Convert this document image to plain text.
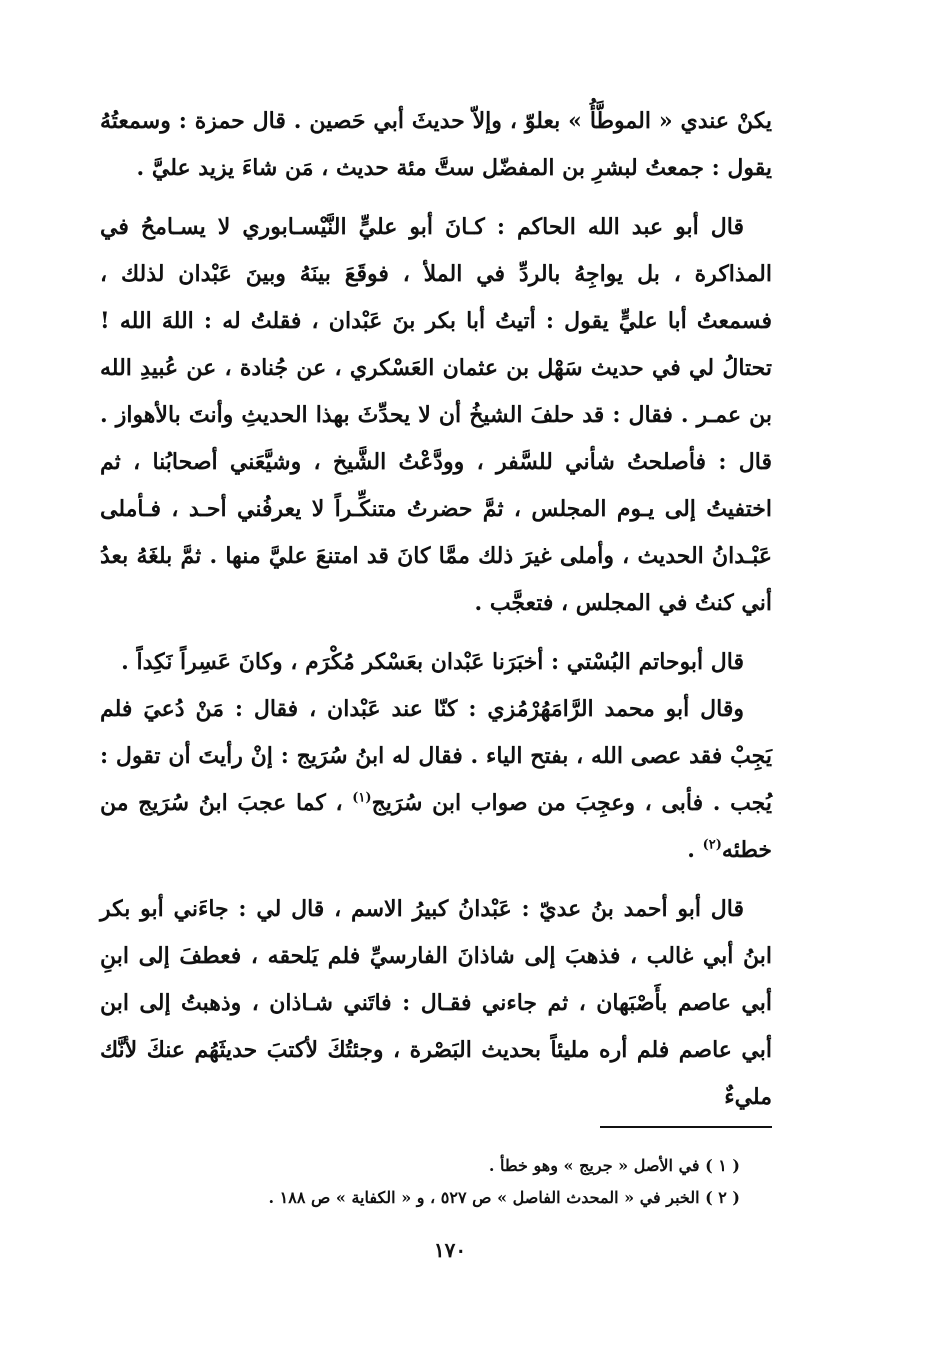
يكنْ عندي « الموطَّأُ » بعلوّ ، وإلاّ حديثَ أبي حَصين . قال حمزة : وسمعتُهُ يقول : جمعتُ لبشرِ بن المفضّل ستَّ مئة حديث ، مَن شاءَ يزيد عليَّ .

قال أبو عبد الله الحاكم : كـانَ أبو عليٍّ النَّيْسـابوري لا يسـامحُ في المذاكرة ، بل يواجِهُ بالردِّ في الملأ ، فوقَعَ بينَهُ وبينَ عَبْدان لذلك ، فسمعتُ أبا عليٍّ يقول : أتيتُ أبا بكر بنَ عَبْدان ، فقلتُ له : اللهَ الله ! تحتالُ لي في حديث سَهْل بن عثمان العَسْكري ، عن جُنادة ، عن عُبيدِ الله بن عمـر . فقال : قد حلفَ الشيخُ أن لا يحدِّثَ بهذا الحديثِ وأنتَ بالأهواز . قال : فأصلحتُ شأني للسَّفر ، وودَّعْتُ الشَّيخ ، وشيَّعَني أصحابُنا ، ثم اختفيتُ إلى يـوم المجلس ، ثمَّ حضرتُ متنكِّـراً لا يعرفُني أحـد ، فـأملى عَبْـدانُ الحديث ، وأملى غيرَ ذلك ممَّا كانَ قد امتنعَ عليَّ منها . ثمَّ بلغَهُ بعدُ أني كنتُ في المجلس ، فتعجَّب .

قال أبوحاتم البُسْتي : أخبَرَنا عَبْدان بعَسْكر مُكْرَم ، وكانَ عَسِراً نَكِداً .

وقال أبو محمد الرَّامَهُرْمُزي : كنّا عند عَبْدان ، فقال : مَنْ دُعيَ فلم يَجِبْ فقد عصى الله ، بفتح الياء . فقال له ابنُ سُرَيج : إنْ رأيتَ أن تقول : يُجب . فأبى ، وعجِبَ من صواب ابن سُرَيج$^{(١)}$ ، كما عجبَ ابنُ سُرَيج من خطئه$^{(٢)}$ .

قال أبو أحمد بنُ عديّ : عَبْدانُ كبيرُ الاسم ، قال لي : جاءَني أبو بكر ابنُ أبي غالب ، فذهبَ إلى شاذانَ الفارسيِّ فلم يَلحقه ، فعطفَ إلى ابنِ أبي عاصم بأَصْبَهان ، ثم جاءني فقـال : فاتَني شـاذان ، وذهبتُ إلى ابن أبي عاصم فلم أره مليئاً بحديث البَصْرة ، وجئتُكَ لأكتبَ حديثَهُم عنكَ لأنَّك مليءٌ

( ١ ) في الأصل « جريج » وهو خطأ .

( ٢ ) الخبر في « المحدث الفاصل » ص ٥٢٧ ، و « الكفاية » ص ١٨٨ .

١٧٠
